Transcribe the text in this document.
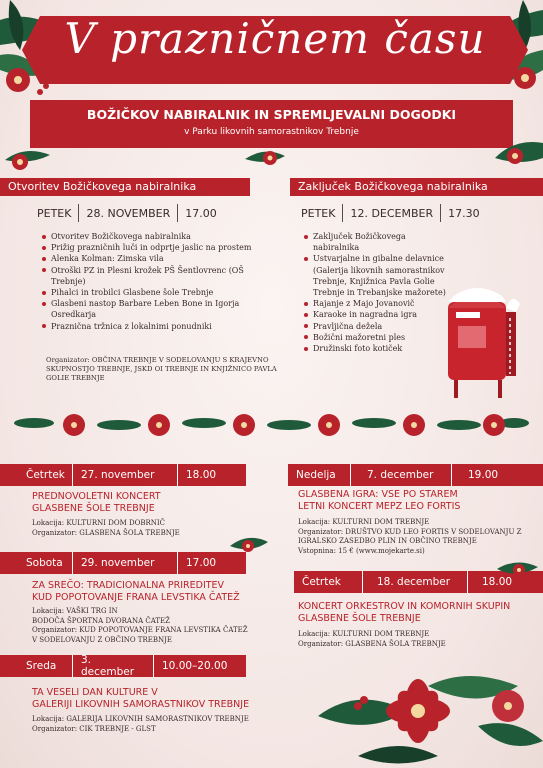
V prazničnem času
BOŽIČKOV NABIRALNIK IN SPREMLJEVALNI DOGODKI
v Parku likovnih samorastnikov Trebnje
Otvoritev Božičkovega nabiralnika
PETEK	28. NOVEMBER	17.00
Otvoritev Božičkovega nabiralnika
Prižig prazničnih luči in odprtje jaslic na prostem
Alenka Kolman: Zimska vila
Otroški PZ in Plesni krožek PŠ Šentlovrenc (OŠ Trebnje)
Pihalci in trobilci Glasbene šole Trebnje
Glasbeni nastop Barbare Leben Bone in Igorja Osredkarja
Praznična tržnica z lokalnimi ponudniki
Organizator: OBČINA TREBNJE V SODELOVANJU S KRAJEVNO SKUPNOSTJO TREBNJE, JSKD OI TREBNJE IN KNJIŽNICO PAVLA GOLIE TREBNJE
Zaključek Božičkovega nabiralnika
PETEK	12. DECEMBER	17.30
Zaključek Božičkovega nabiralnika
Ustvarjalne in gibalne delavnice (Galerija likovnih samorastnikov Trebnje, Knjižnica Pavla Golie Trebnje in Trebanjske mažorete)
Rajanje z Majo Jovanovič
Karaoke in nagradna igra
Pravljična dežela
Božični mažoretni ples
Družinski foto kotiček
Četrtek	27. november	18.00
PREDNOVOLETNI KONCERT
GLASBENE ŠOLE TREBNJE
Lokacija: KULTURNI DOM DOBRNIČ
Organizator: GLASBENA ŠOLA TREBNJE
Sobota	29. november	17.00
ZA SREČO: TRADICIONALNA PRIREDITEV
KUD POPOTOVANJE FRANA LEVSTIKA ČATEŽ
Lokacija: VAŠKI TRG IN
BODOČA ŠPORTNA DVORANA ČATEŽ
Organizator: KUD POPOTOVANJE FRANA LEVSTIKA ČATEŽ
V SODELOVANJU Z OBČINO TREBNJE
Sreda	3. december	10.00–20.00
TA VESELI DAN KULTURE V
GALERIJI LIKOVNIH SAMORASTNIKOV TREBNJE
Lokacija: GALERIJA LIKOVNIH SAMORASTNIKOV TREBNJE
Organizator: CIK TREBNJE - GLST
Nedelja	7. december	19.00
GLASBENA IGRA: VSE PO STAREM
LETNI KONCERT MEPZ LEO FORTIS
Lokacija: KULTURNI DOM TREBNJE
Organizator: DRUŠTVO KUD LEO FORTIS V SODELOVANJU Z
IGRALSKO ZASEDBO PLIN IN OBČINO TREBNJE
Vstopnina: 15 € (www.mojekarte.si)
Četrtek	18. december	18.00
KONCERT ORKESTROV IN KOMORNIH SKUPIN
GLASBENE ŠOLE TREBNJE
Lokacija: KULTURNI DOM TREBNJE
Organizator: GLASBENA ŠOLA TREBNJE
